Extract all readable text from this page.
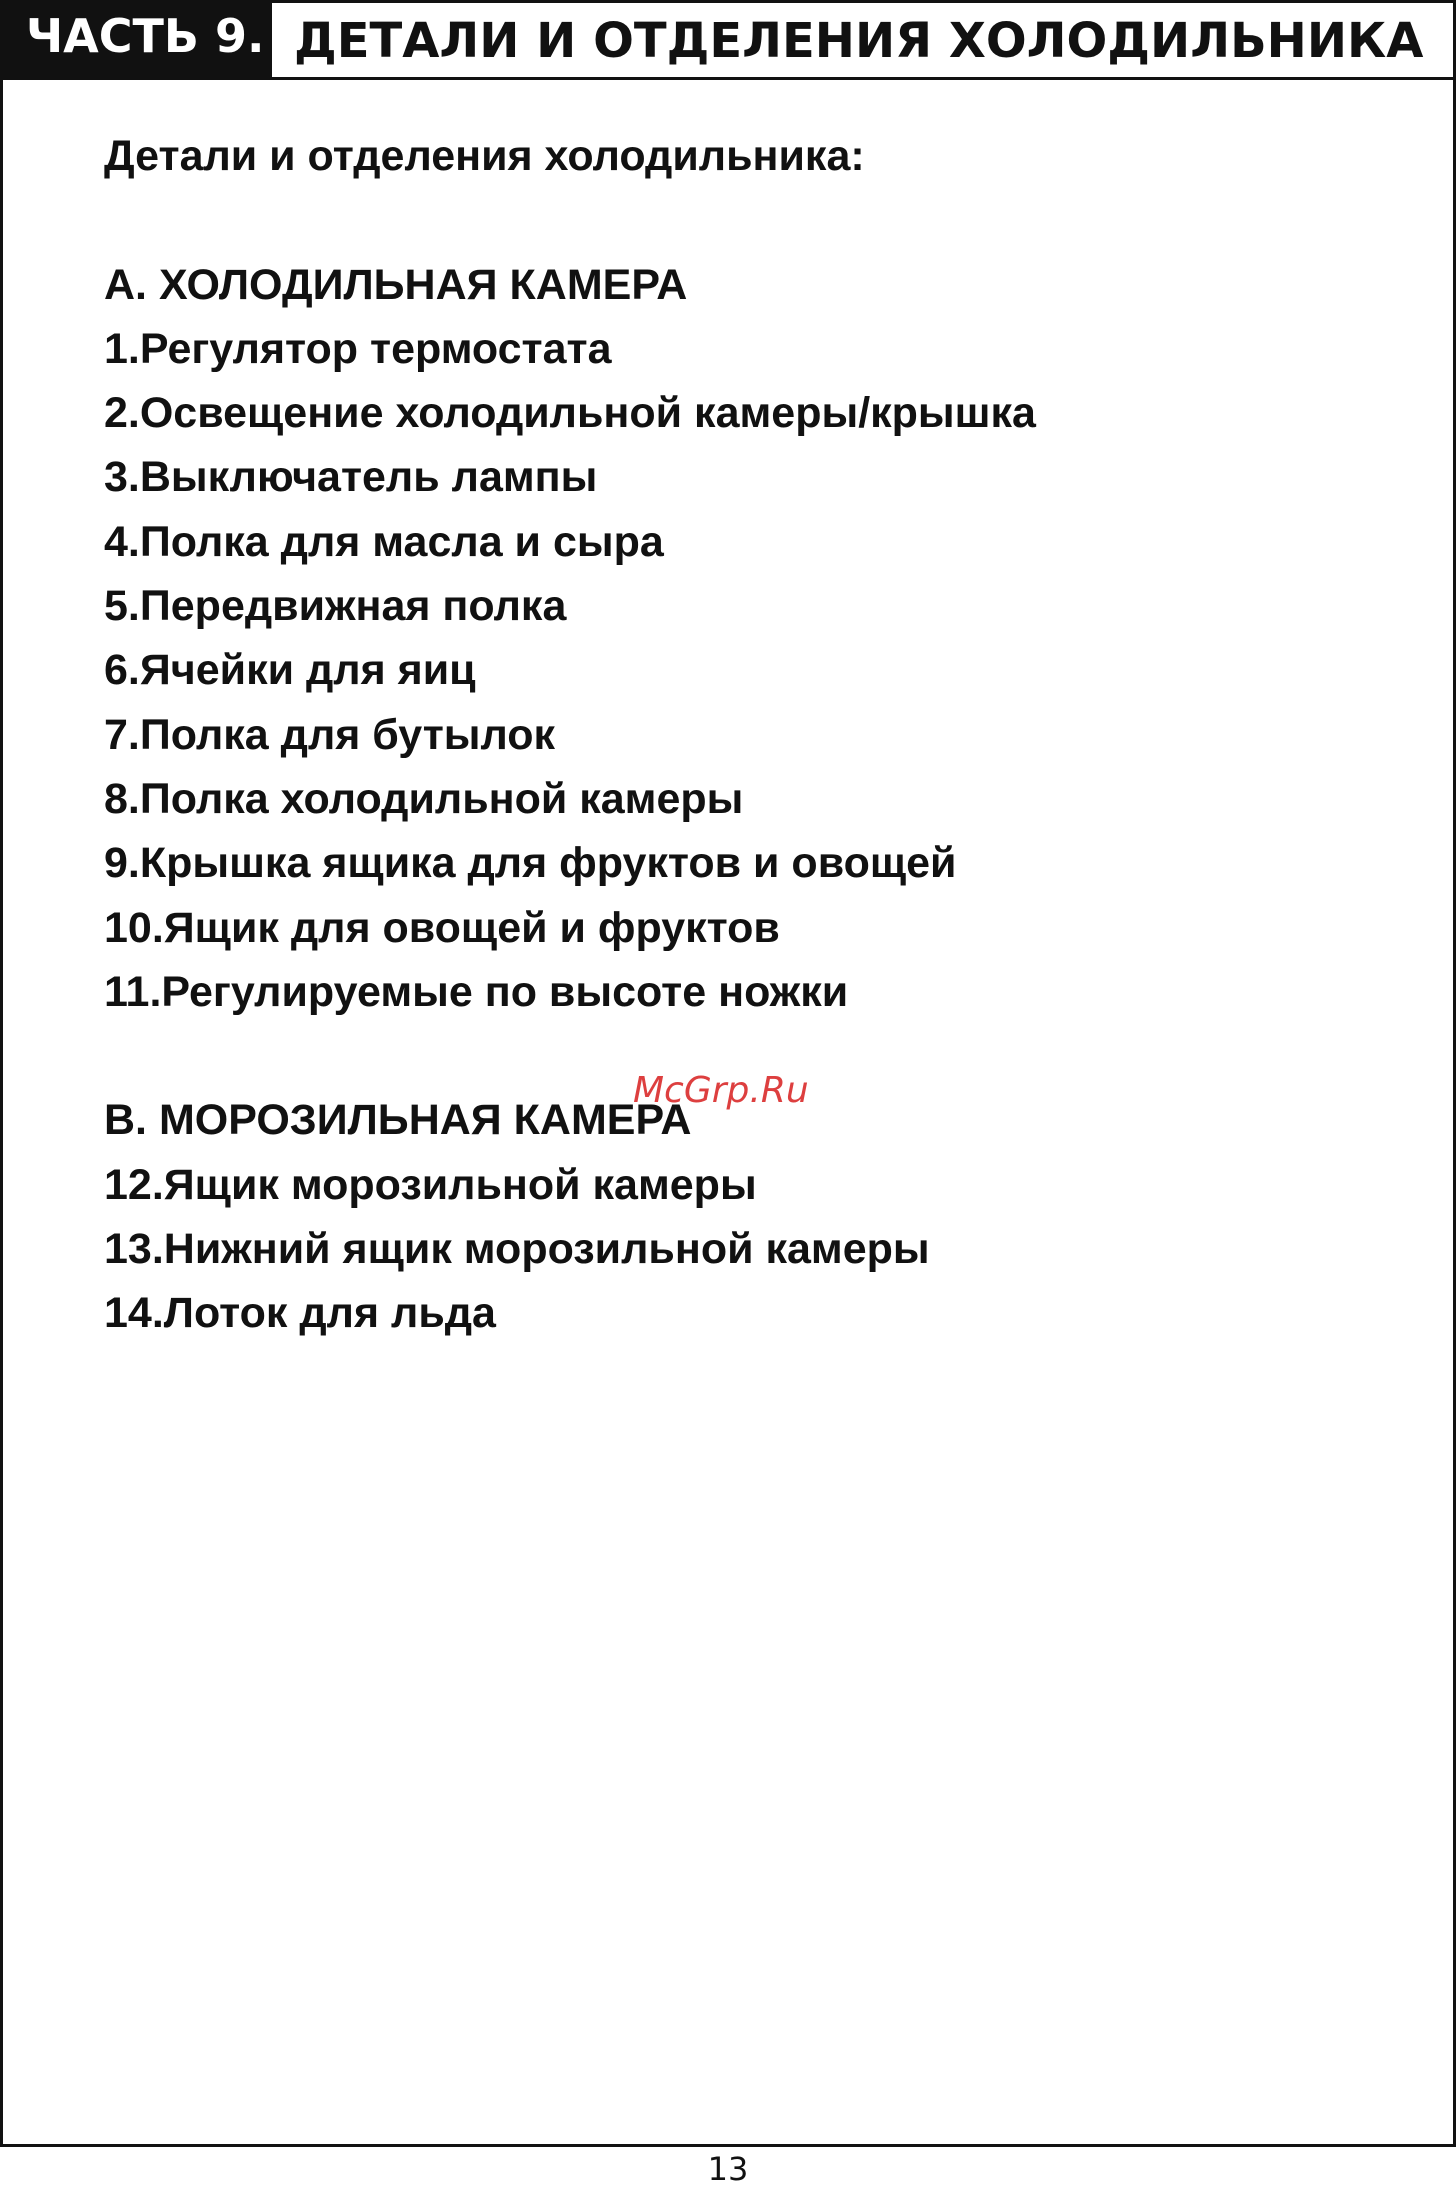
ЧАСТЬ 9. ДЕТАЛИ И ОТДЕЛЕНИЯ ХОЛОДИЛЬНИКА
Детали и отделения холодильника:
А. ХОЛОДИЛЬНАЯ КАМЕРА
1.Регулятор термостата
2.Освещение холодильной камеры/крышка
3.Выключатель лампы
4.Полка для масла и сыра
5.Передвижная полка
6.Ячейки для яиц
7.Полка для бутылок
8.Полка холодильной камеры
9.Крышка ящика для фруктов и овощей
10.Ящик для овощей и фруктов
11.Регулируемые по высоте ножки
В. МОРОЗИЛЬНАЯ КАМЕРА
12.Ящик морозильной камеры
13.Нижний ящик морозильной камеры
14.Лоток для льда
McGrp.Ru
13
